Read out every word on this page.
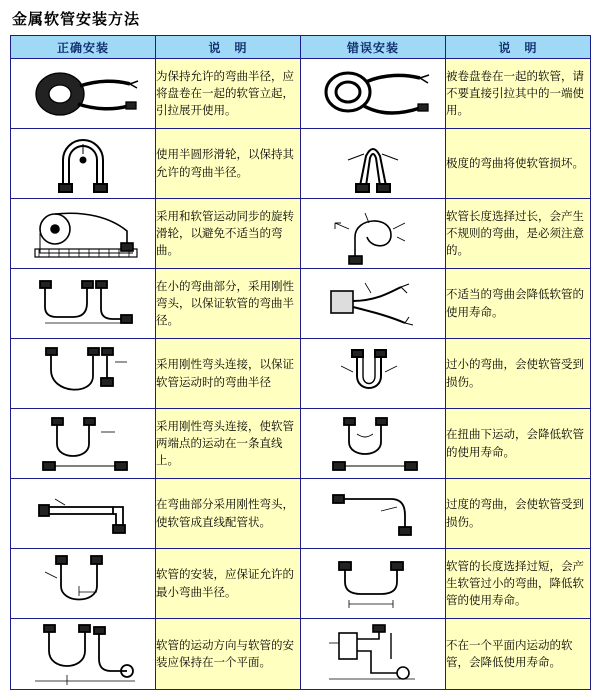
金属软管安装方法
正确安装	说　明	错误安装	说　明

	为保持允许的弯曲半径，应将盘卷在一起的软管立起，引拉展开使用。		被卷盘卷在一起的软管，请不要直接引拉其中的一端使用。

	使用半圆形滑轮，以保持其允许的弯曲半径。		极度的弯曲将使软管损坏。

	采用和软管运动同步的旋转滑轮，以避免不适当的弯曲。		软管长度选择过长，会产生不规则的弯曲，是必须注意的。

	在小的弯曲部分，采用刚性弯头，以保证软管的弯曲半径。		不适当的弯曲会降低软管的使用寿命。

	采用刚性弯头连接，以保证软管运动时的弯曲半径		过小的弯曲，会使软管受到损伤。

	采用刚性弯头连接，使软管两端点的运动在一条直线上。		在扭曲下运动，会降低软管的使用寿命。

	在弯曲部分采用刚性弯头，使软管成直线配管状。		过度的弯曲，会使软管受到损伤。

	软管的安装，应保证允许的最小弯曲半径。		软管的长度选择过短，会产生软管过小的弯曲，降低软管的使用寿命。

	软管的运动方向与软管的安装应保持在一个平面。		不在一个平面内运动的软管，会降低使用寿命。
